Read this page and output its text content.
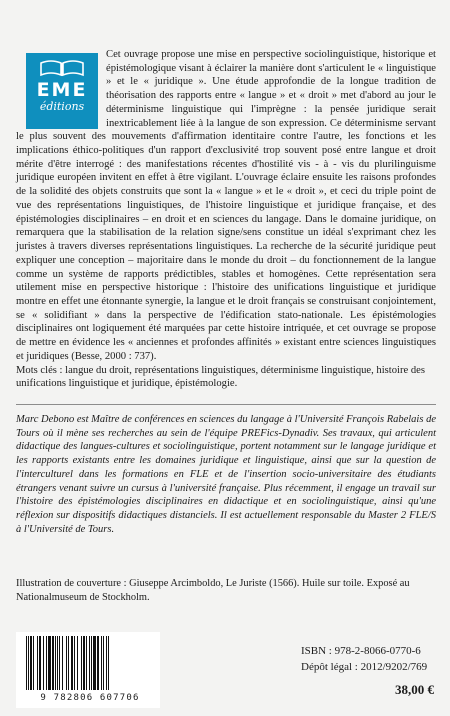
EME
éditions

Cet ouvrage propose une mise en perspective sociolinguistique, historique et épistémologique visant à éclairer la manière dont s'articulent le « linguistique » et le « juridique ». Une étude approfondie de la longue tradition de théorisation des rapports entre « langue » et « droit » met d'abord au jour le déterminisme linguistique qui l'imprègne : la pensée juridique serait inextricablement liée à la langue de son expression. Ce déterminisme servant le plus souvent des mouvements d'affirmation identitaire contre l'autre, les fonctions et les implications éthico-politiques d'un rapport d'exclusivité trop souvent posé entre langue et droit mérite d'être interrogé : des manifestations récentes d'hostilité vis - à - vis du plurilinguisme juridique européen invitent en effet à être vigilant. L'ouvrage éclaire ensuite les raisons profondes de la solidité des objets construits que sont la « langue » et le « droit », et ceci du triple point de vue des représentations linguistiques, de l'histoire linguistique et juridique française, et des épistémologies disciplinaires – en droit et en sciences du langage. Dans le domaine juridique, on remarquera que la stabilisation de la relation signe/sens constitue un idéal s'exprimant chez les juristes à travers diverses représentations linguistiques. La recherche de la sécurité juridique peut expliquer une conception – majoritaire dans le monde du droit – du fonctionnement de la langue comme un système de rapports prédictibles, stables et homogènes. Cette représentation sera utilement mise en perspective historique : l'histoire des unifications linguistique et juridique montre en effet une étonnante synergie, la langue et le droit français se construisant conjointement, se « solidifiant » dans la perspective de l'édification stato-nationale. Les épistémologies disciplinaires ont logiquement été marquées par cette histoire intriquée, et cet ouvrage se propose de mettre en évidence les « anciennes et profondes affinités » existant entre sciences linguistiques et juridiques (Besse, 2000 : 737).

Mots clés : langue du droit, représentations linguistiques, déterminisme linguistique, histoire des unifications linguistique et juridique, épistémologie.

Marc Debono est Maître de conférences en sciences du langage à l'Université François Rabelais de Tours où il mène ses recherches au sein de l'équipe PREFics-Dynadiv. Ses travaux, qui articulent didactique des langues-cultures et sociolinguistique, portent notamment sur le langage juridique et les rapports existants entre les domaines juridique et linguistique, ainsi que sur la question de l'interculturel dans les formations en FLE et de l'insertion socio-universitaire des étudiants étrangers venant suivre un cursus à l'université française. Plus récemment, il engage un travail sur l'histoire des épistémologies disciplinaires en didactique et en sociolinguistique, ainsi qu'une réflexion sur dispositifs didactiques distanciels. Il est actuellement responsable du Master 2 FLE/S à l'Université de Tours.

Illustration de couverture : Giuseppe Arcimboldo, Le Juriste (1566). Huile sur toile. Exposé au Nationalmuseum de Stockholm.

9 782806 607706
ISBN : 978-2-8066-0770-6
Dépôt légal : 2012/9202/769
38,00 €
